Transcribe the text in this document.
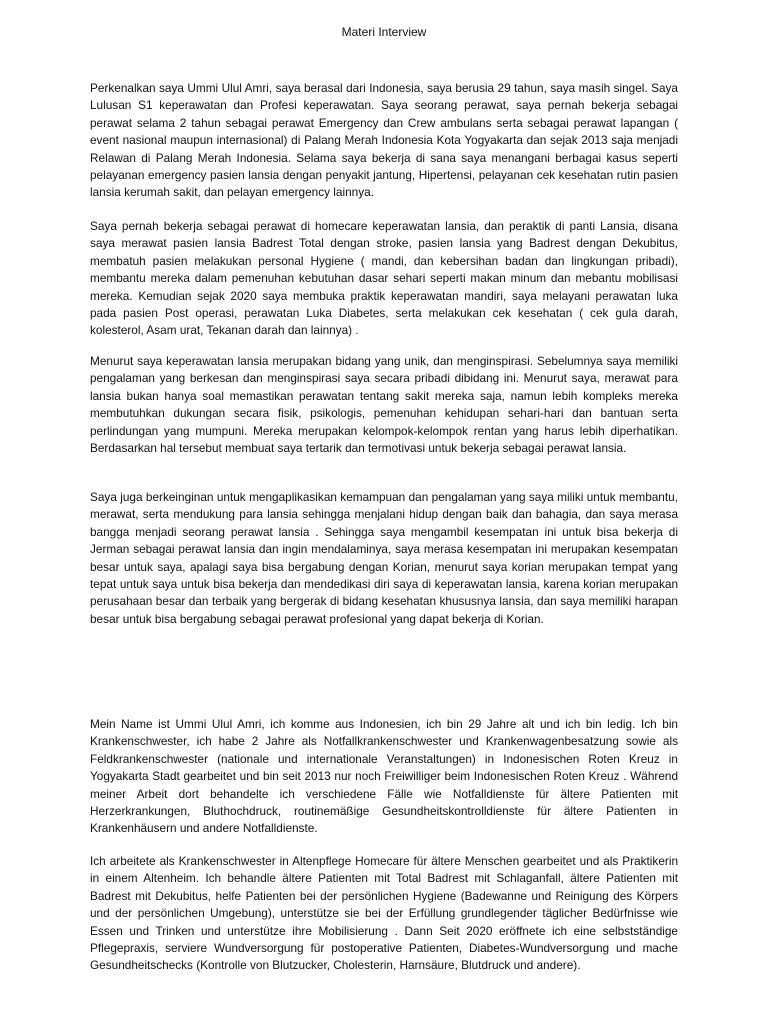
Materi Interview

Perkenalkan saya Ummi Ulul Amri, saya berasal dari Indonesia, saya berusia 29 tahun, saya masih singel. Saya Lulusan S1 keperawatan dan Profesi keperawatan. Saya seorang perawat, saya pernah bekerja sebagai perawat selama 2 tahun sebagai perawat Emergency dan Crew ambulans serta sebagai perawat lapangan ( event nasional maupun internasional) di Palang Merah Indonesia Kota Yogyakarta dan sejak 2013 saja menjadi Relawan di Palang Merah Indonesia. Selama saya bekerja di sana saya menangani berbagai kasus seperti pelayanan emergency pasien lansia dengan penyakit jantung, Hipertensi, pelayanan cek kesehatan rutin pasien lansia kerumah sakit, dan pelayan emergency lainnya.

Saya pernah bekerja sebagai perawat di homecare keperawatan lansia, dan peraktik di panti Lansia, disana saya merawat pasien lansia Badrest Total dengan stroke, pasien lansia yang Badrest dengan Dekubitus, membatuh pasien melakukan personal Hygiene ( mandi, dan kebersihan badan dan lingkungan pribadi), membantu mereka dalam pemenuhan kebutuhan dasar sehari seperti makan minum dan mebantu mobilisasi mereka. Kemudian sejak 2020 saya membuka praktik keperawatan mandiri, saya melayani perawatan luka pada pasien Post operasi, perawatan Luka Diabetes, serta melakukan cek kesehatan ( cek gula darah, kolesterol, Asam urat, Tekanan darah dan lainnya) .

Menurut saya keperawatan lansia merupakan bidang yang unik, dan menginspirasi. Sebelumnya saya memiliki pengalaman yang berkesan dan menginspirasi saya secara pribadi dibidang ini. Menurut saya, merawat para lansia bukan hanya soal memastikan perawatan tentang sakit mereka saja, namun lebih kompleks mereka membutuhkan dukungan secara fisik, psikologis, pemenuhan kehidupan sehari-hari dan bantuan serta perlindungan yang mumpuni. Mereka merupakan kelompok-kelompok rentan yang harus lebih diperhatikan. Berdasarkan hal tersebut membuat saya tertarik dan termotivasi untuk bekerja sebagai perawat lansia.

Saya juga berkeinginan untuk mengaplikasikan kemampuan dan pengalaman yang saya miliki untuk membantu, merawat, serta mendukung para lansia sehingga menjalani hidup dengan baik dan bahagia, dan saya merasa bangga menjadi seorang perawat lansia . Sehingga saya mengambil kesempatan ini untuk bisa bekerja di Jerman sebagai perawat lansia dan ingin mendalaminya, saya merasa kesempatan ini merupakan kesempatan besar untuk saya, apalagi saya bisa bergabung dengan Korian, menurut saya korian merupakan tempat yang tepat untuk saya untuk bisa bekerja dan mendedikasi diri saya di keperawatan lansia, karena korian merupakan perusahaan besar dan terbaik yang bergerak di bidang kesehatan khususnya lansia, dan saya memiliki harapan besar untuk bisa bergabung sebagai perawat profesional yang dapat bekerja di Korian.

Mein Name ist Ummi Ulul Amri, ich komme aus Indonesien, ich bin 29 Jahre alt und ich bin ledig. Ich bin Krankenschwester, ich habe 2 Jahre als Notfallkrankenschwester und Krankenwagenbesatzung sowie als Feldkrankenschwester (nationale und internationale Veranstaltungen) in Indonesischen Roten Kreuz in Yogyakarta Stadt gearbeitet und bin seit 2013 nur noch Freiwilliger beim Indonesischen Roten Kreuz . Während meiner Arbeit dort behandelte ich verschiedene Fälle wie Notfalldienste für ältere Patienten mit Herzerkrankungen, Bluthochdruck, routinemäßige Gesundheitskontrolldienste für ältere Patienten in Krankenhäusern und andere Notfalldienste.

Ich arbeitete als Krankenschwester in Altenpflege Homecare für ältere Menschen gearbeitet und als Praktikerin in einem Altenheim. Ich behandle ältere Patienten mit Total Badrest mit Schlaganfall, ältere Patienten mit Badrest mit Dekubitus, helfe Patienten bei der persönlichen Hygiene (Badewanne und Reinigung des Körpers und der persönlichen Umgebung), unterstütze sie bei der Erfüllung grundlegender täglicher Bedürfnisse wie Essen und Trinken und unterstütze ihre Mobilisierung . Dann Seit 2020 eröffnete ich eine selbstständige Pflegepraxis, serviere Wundversorgung für postoperative Patienten, Diabetes-Wundversorgung und mache Gesundheitschecks (Kontrolle von Blutzucker, Cholesterin, Harnsäure, Blutdruck und andere).
